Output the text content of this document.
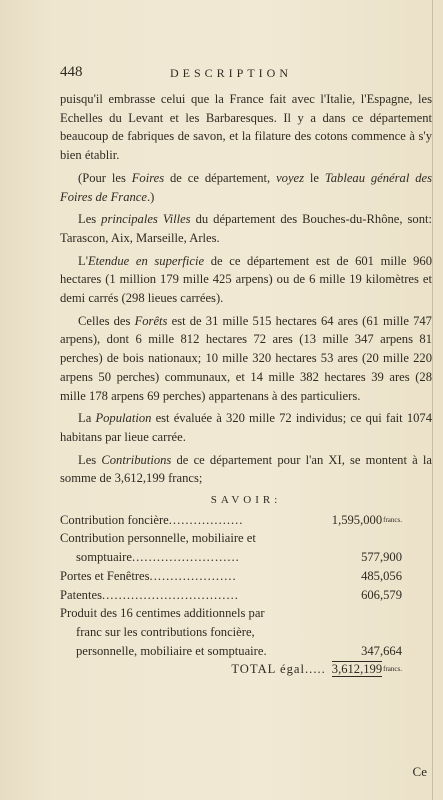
448	DESCRIPTION

puisqu'il embrasse celui que la France fait avec l'Italie, l'Espagne, les Echelles du Levant et les Barbaresques. Il y a dans ce département beaucoup de fabriques de savon, et la filature des cotons commence à s'y bien établir.

(Pour les Foires de ce département, voyez le Tableau général des Foires de France.)

Les principales Villes du département des Bouches-du-Rhône, sont: Tarascon, Aix, Marseille, Arles.

L'Etendue en superficie de ce département est de 601 mille 960 hectares (1 million 179 mille 425 arpens) ou de 6 mille 19 kilomètres et demi carrés (298 lieues carrées).

Celles des Forêts est de 31 mille 515 hectares 64 ares (61 mille 747 arpens), dont 6 mille 812 hectares 72 ares (13 mille 347 arpens 81 perches) de bois nationaux; 10 mille 320 hectares 53 ares (20 mille 220 arpens 50 perches) communaux, et 14 mille 382 hectares 39 ares (28 mille 178 arpens 69 perches) appartenans à des particuliers.

La Population est évaluée à 320 mille 72 individus; ce qui fait 1074 habitans par lieue carrée.

Les Contributions de ce département pour l'an XI, se montent à la somme de 3,612,199 francs;

SAVOIR:
Contribution foncière..................	$1,595,000^{francs.}$
Contribution personnelle, mobiliaire et	
somptuaire..........................	577,900
Portes et Fenêtres.....................	485,056
Patentes.................................	606,579
Produit des 16 centimes additionnels par	
franc sur les contributions foncière,	
personnelle, mobiliaire et somptuaire.	347,664
TOTAL égal.....	$3,612,199^{francs.}$
Ce
